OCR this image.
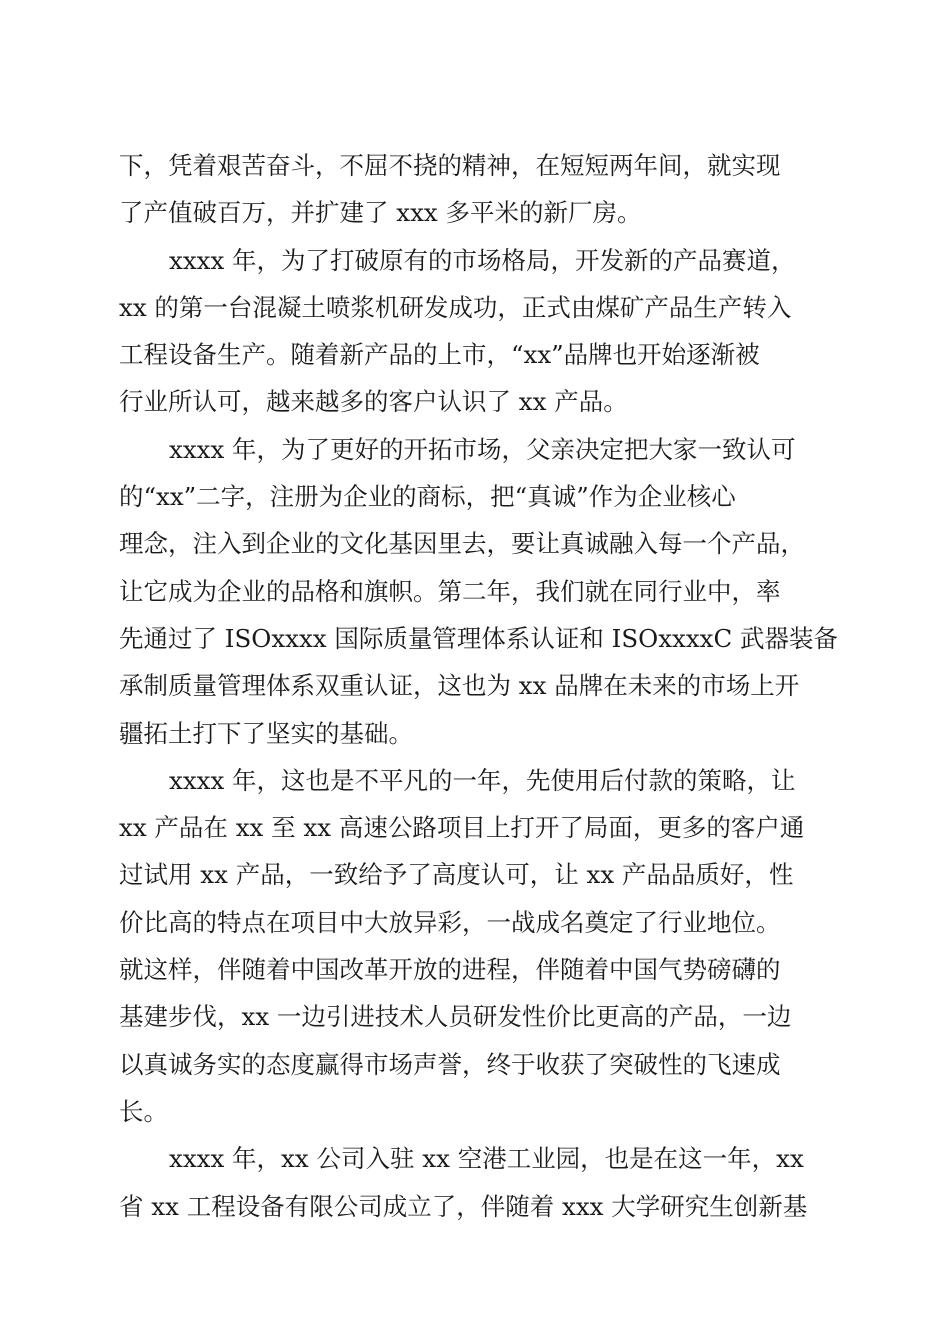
下，凭着艰苦奋斗，不屈不挠的精神，在短短两年间，就实现
了产值破百万，并扩建了 xxx 多平米的新厂房。
xxxx 年，为了打破原有的市场格局，开发新的产品赛道，
xx 的第一台混凝土喷浆机研发成功，正式由煤矿产品生产转入
工程设备生产。随着新产品的上市，“xx”品牌也开始逐渐被
行业所认可，越来越多的客户认识了 xx 产品。
xxxx 年，为了更好的开拓市场，父亲决定把大家一致认可
的“xx”二字，注册为企业的商标，把“真诚”作为企业核心
理念，注入到企业的文化基因里去，要让真诚融入每一个产品，
让它成为企业的品格和旗帜。第二年，我们就在同行业中，率
先通过了 ISOxxxx 国际质量管理体系认证和 ISOxxxxC 武器装备
承制质量管理体系双重认证，这也为 xx 品牌在未来的市场上开
疆拓土打下了坚实的基础。
xxxx 年，这也是不平凡的一年，先使用后付款的策略，让
xx 产品在 xx 至 xx 高速公路项目上打开了局面，更多的客户通
过试用 xx 产品，一致给予了高度认可，让 xx 产品品质好，性
价比高的特点在项目中大放异彩，一战成名奠定了行业地位。
就这样，伴随着中国改革开放的进程，伴随着中国气势磅礴的
基建步伐，xx 一边引进技术人员研发性价比更高的产品，一边
以真诚务实的态度赢得市场声誉，终于收获了突破性的飞速成
长。
xxxx 年，xx 公司入驻 xx 空港工业园，也是在这一年，xx
省 xx 工程设备有限公司成立了，伴随着 xxx 大学研究生创新基
